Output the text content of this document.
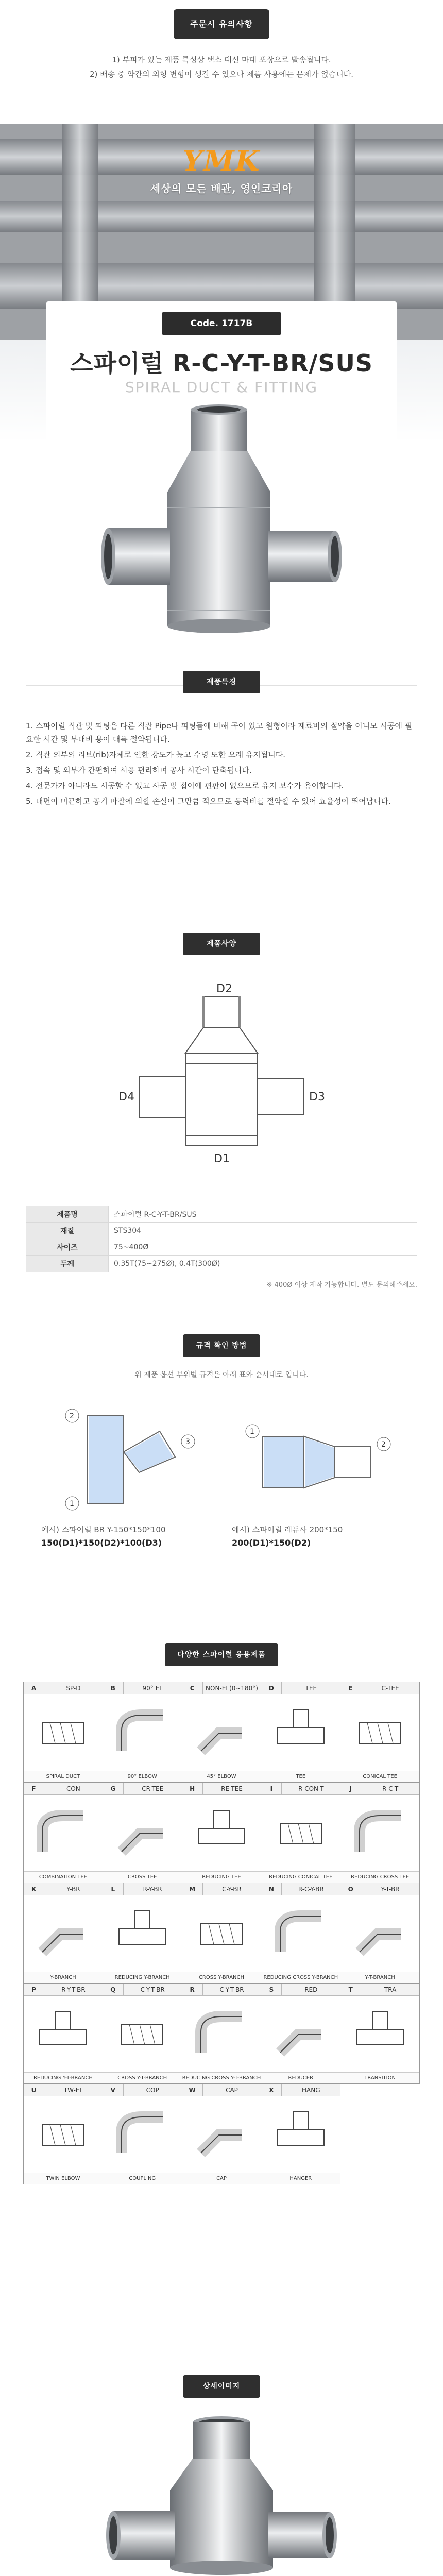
주문시 유의사항

1) 부피가 있는 제품 특성상 택소 대신 마대 포장으로 발송됩니다.

2) 배송 중 약간의 외형 변형이 생길 수 있으나 제품 사용에는 문제가 없습니다.

YMK
세상의 모든 배관, 영인코리아
Code. 1717B
스파이럴 R-C-Y-T-BR/SUS
SPIRAL DUCT & FITTING
제품특징
1. 스파이럴 직관 및 피팅은 다른 직관 Pipe나 피팅들에 비해 곡이 있고 원형이라 재료비의 절약을 이니모 시공에 필요한 시간 및 부대비 용이 대폭 절약됩니다.
2. 직관 외부의 리브(rib)자체로 인한 강도가 높고 수명 또한 오래 유지됩니다.
3. 접속 및 외부가 간편하여 시공 편리하며 공사 시간이 단축됩니다.
4. 전문가가 아니라도 시공할 수 있고 사공 및 접이에 편판이 없으므로 유지 보수가 용이합니다.
5. 내면이 미끈하고 공기 마찰에 의할 손실이 그만큼 적으므로 동력비를 절약할 수 있어 효율성이 뛰어납니다.
제품사양
D2
D4	D3
D1
제품명	스파이럴 R-C-Y-T-BR/SUS
재질	STS304
사이즈	75~400Ø
두께	0.35T(75~275Ø), 0.4T(300Ø)
※ 400Ø 이상 제작 가능합니다. 별도 문의해주세요.
규격 확인 방법
위 제품 옵션 부위별 규격은 아래 표와 순서대로 입니다.
1
2
3
예시) 스파이럴 BR Y-150*150*100
150(D1)*150(D2)*100(D3)
1
2
예시) 스파이럴 레듀사 200*150
200(D1)*150(D2)
다양한 스파이럴 응용제품
A	SP-D
SPIRAL DUCT
B	90° EL
90° ELBOW
C	NON-EL(0~180°)
45° ELBOW
D	TEE
TEE
E	C-TEE
CONICAL TEE
F	CON
COMBINATION TEE
G	CR-TEE
CROSS TEE
H	RE-TEE
REDUCING TEE
I	R-CON-T
REDUCING CONICAL TEE
J	R-C-T
REDUCING CROSS TEE
K	Y-BR
Y-BRANCH
L	R-Y-BR
REDUCING Y-BRANCH
M	C-Y-BR
CROSS Y-BRANCH
N	R-C-Y-BR
REDUCING CROSS Y-BRANCH
O	Y-T-BR
Y-T-BRANCH
P	R-Y-T-BR
REDUCING Y-T-BRANCH
Q	C-Y-T-BR
CROSS Y-T-BRANCH
R	C-Y-T-BR
REDUCING CROSS Y-T-BRANCH
S	RED
REDUCER
T	TRA
TRANSITION
U	TW-EL
TWIN ELBOW
V	COP
COUPLING
W	CAP
CAP
X	HANG
HANGER
상세이미지
